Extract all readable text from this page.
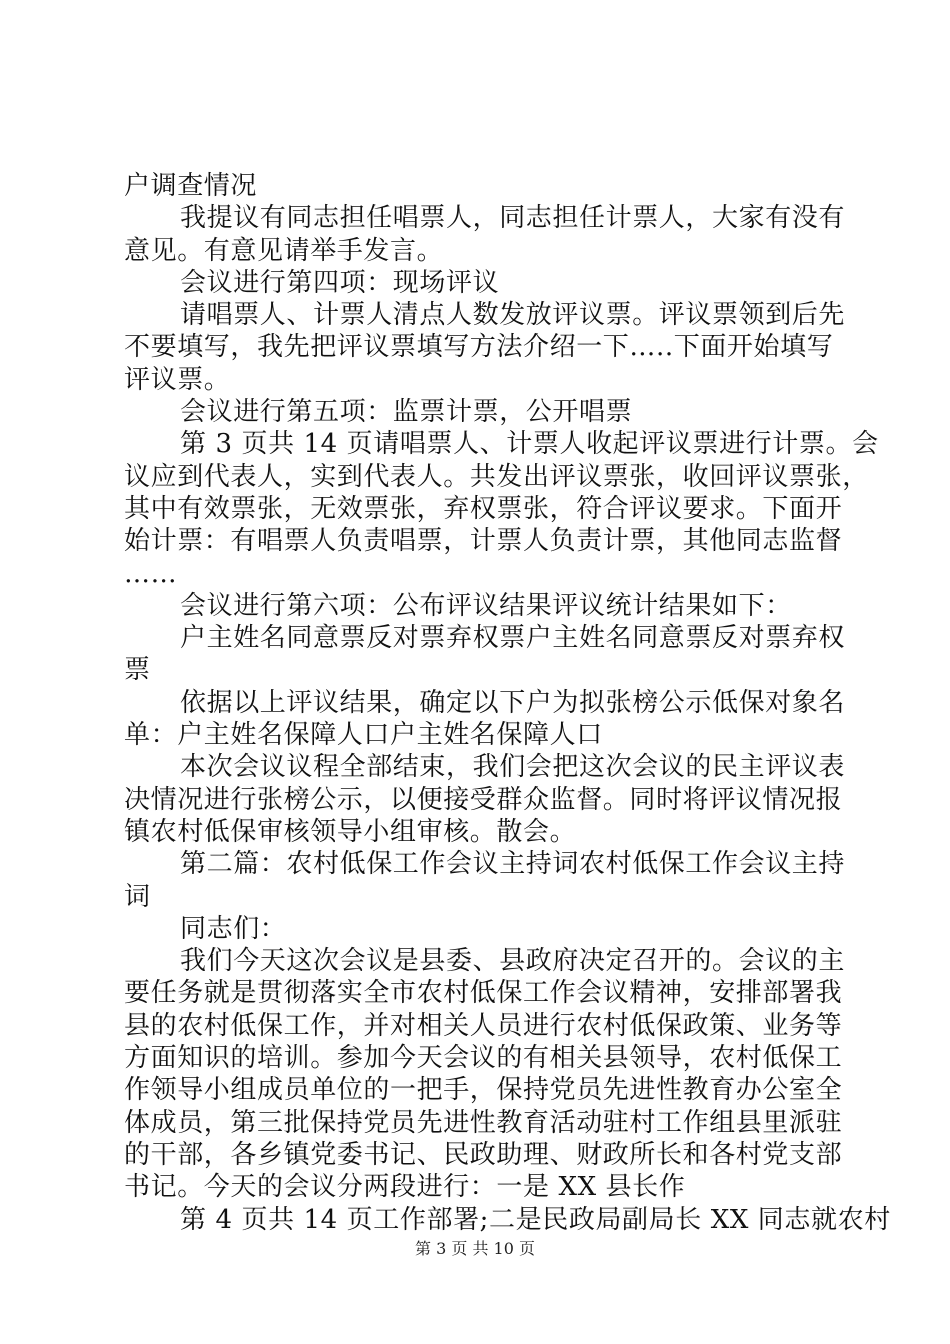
户调查情况
我提议有同志担任唱票人，同志担任计票人，大家有没有
意见。有意见请举手发言。
会议进行第四项：现场评议
请唱票人、计票人清点人数发放评议票。评议票领到后先
不要填写，我先把评议票填写方法介绍一下…..下面开始填写
评议票。
会议进行第五项：监票计票，公开唱票
第 3 页共 14 页请唱票人、计票人收起评议票进行计票。会
议应到代表人，实到代表人。共发出评议票张，收回评议票张，
其中有效票张，无效票张，弃权票张，符合评议要求。下面开
始计票：有唱票人负责唱票，计票人负责计票，其他同志监督
……
会议进行第六项：公布评议结果评议统计结果如下：
户主姓名同意票反对票弃权票户主姓名同意票反对票弃权
票
依据以上评议结果，确定以下户为拟张榜公示低保对象名
单：户主姓名保障人口户主姓名保障人口
本次会议议程全部结束，我们会把这次会议的民主评议表
决情况进行张榜公示，以便接受群众监督。同时将评议情况报
镇农村低保审核领导小组审核。散会。
第二篇：农村低保工作会议主持词农村低保工作会议主持
词
同志们：
我们今天这次会议是县委、县政府决定召开的。会议的主
要任务就是贯彻落实全市农村低保工作会议精神，安排部署我
县的农村低保工作，并对相关人员进行农村低保政策、业务等
方面知识的培训。参加今天会议的有相关县领导，农村低保工
作领导小组成员单位的一把手，保持党员先进性教育办公室全
体成员，第三批保持党员先进性教育活动驻村工作组县里派驻
的干部，各乡镇党委书记、民政助理、财政所长和各村党支部
书记。今天的会议分两段进行：一是 XX 县长作
第 4 页共 14 页工作部署;二是民政局副局长 XX 同志就农村
第 3 页 共 10 页
